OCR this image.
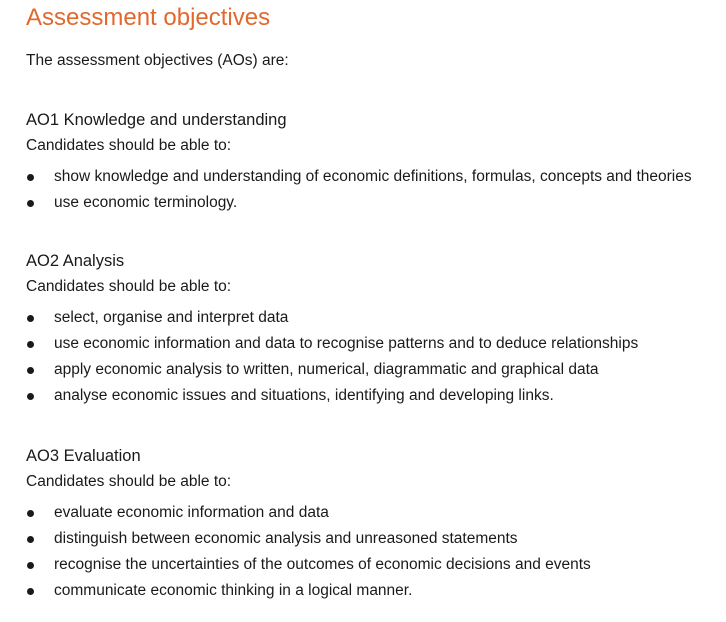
Assessment objectives
The assessment objectives (AOs) are:
AO1 Knowledge and understanding
Candidates should be able to:
show knowledge and understanding of economic definitions, formulas, concepts and theories
use economic terminology.
AO2 Analysis
Candidates should be able to:
select, organise and interpret data
use economic information and data to recognise patterns and to deduce relationships
apply economic analysis to written, numerical, diagrammatic and graphical data
analyse economic issues and situations, identifying and developing links.
AO3 Evaluation
Candidates should be able to:
evaluate economic information and data
distinguish between economic analysis and unreasoned statements
recognise the uncertainties of the outcomes of economic decisions and events
communicate economic thinking in a logical manner.
